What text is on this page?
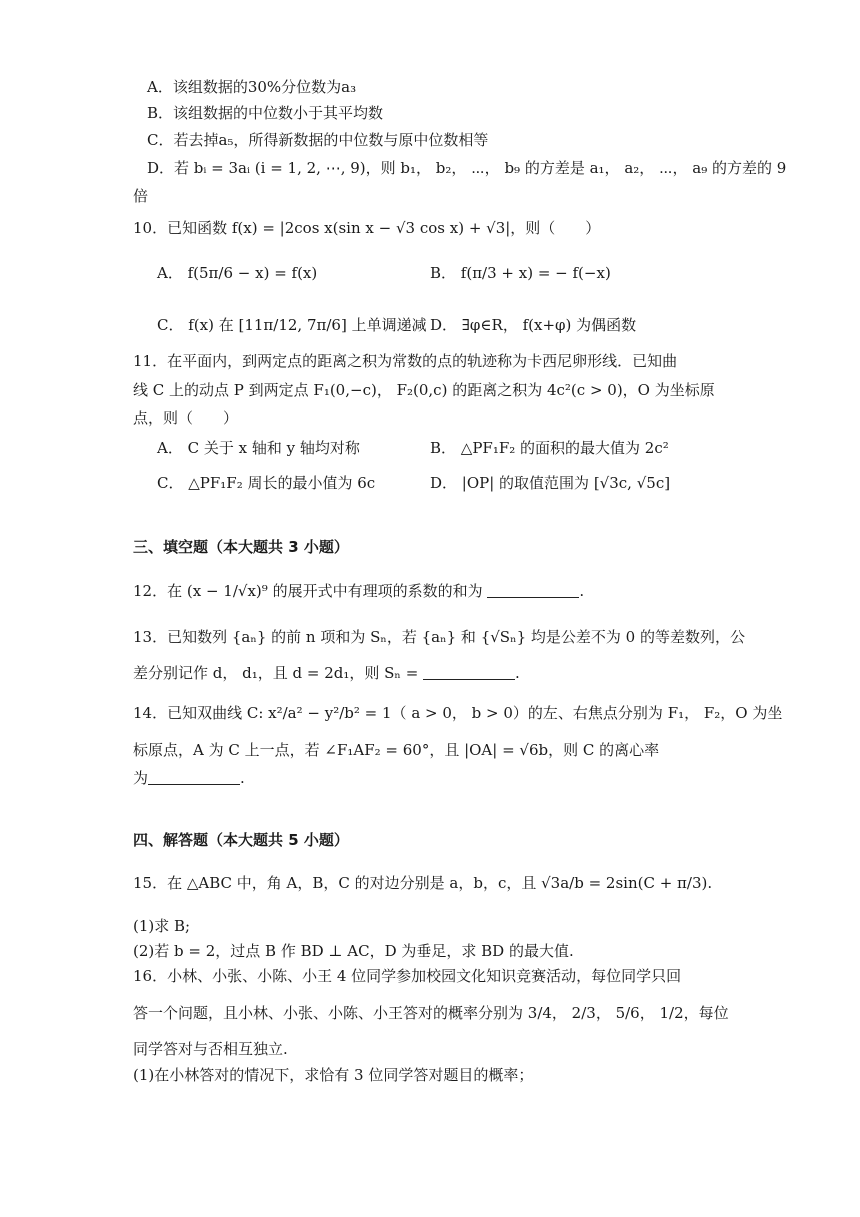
A．该组数据的30%分位数为a₃
B．该组数据的中位数小于其平均数
C．若去掉a₅，所得新数据的中位数与原中位数相等
D．若 bᵢ = 3aᵢ (i = 1, 2, ⋯, 9)，则 b₁， b₂， ⋯， b₉ 的方差是 a₁， a₂， ⋯， a₉ 的方差的 9
倍
10．已知函数 f(x) = |2cos x(sin x − √3 cos x) + √3|，则（　　）
A． f(5π/6 − x) = f(x)	B． f(π/3 + x) = − f(−x)
C． f(x) 在 [11π/12, 7π/6] 上单调递减 D． ∃φ∈R， f(x+φ) 为偶函数
11．在平面内，到两定点的距离之积为常数的点的轨迹称为卡西尼卵形线．已知曲
线 C 上的动点 P 到两定点 F₁(0,−c)， F₂(0,c) 的距离之积为 4c²(c > 0)，O 为坐标原
点，则（　　）
A． C 关于 x 轴和 y 轴均对称	B． △PF₁F₂ 的面积的最大值为 2c²
C． △PF₁F₂ 周长的最小值为 6c	D． |OP| 的取值范围为 [√3c, √5c]
三、填空题（本大题共 3 小题）
12．在 (x − 1/√x)⁹ 的展开式中有理项的系数的和为	.
13．已知数列 {aₙ} 的前 n 项和为 Sₙ，若 {aₙ} 和 {√Sₙ} 均是公差不为 0 的等差数列，公
差分别记作 d， d₁，且 d = 2d₁，则 Sₙ =	.
14．已知双曲线 C: x²/a² − y²/b² = 1（ a > 0， b > 0）的左、右焦点分别为 F₁， F₂，O 为坐
标原点，A 为 C 上一点，若 ∠F₁AF₂ = 60°，且 |OA| = √6b，则 C 的离心率
为	.
四、解答题（本大题共 5 小题）
15．在 △ABC 中，角 A，B，C 的对边分别是 a，b，c，且 √3a/b = 2sin(C + π/3).
(1)求 B;
(2)若 b = 2，过点 B 作 BD ⊥ AC，D 为垂足，求 BD 的最大值.
16．小林、小张、小陈、小王 4 位同学参加校园文化知识竞赛活动，每位同学只回
答一个问题，且小林、小张、小陈、小王答对的概率分别为 3/4， 2/3， 5/6， 1/2，每位
同学答对与否相互独立.
(1)在小林答对的情况下，求恰有 3 位同学答对题目的概率；
